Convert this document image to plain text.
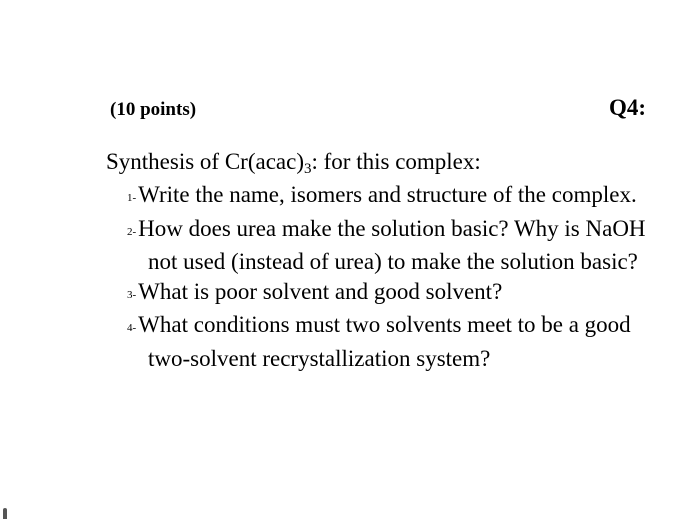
(10 points)	Q4:
Synthesis of $Cr(acac)_3$: for this complex:
1-Write the name, isomers and structure of the complex.
2-How does urea make the solution basic? Why is NaOH not used (instead of urea) to make the solution basic?
3-What is poor solvent and good solvent?
4-What conditions must two solvents meet to be a good two-solvent recrystallization system?
